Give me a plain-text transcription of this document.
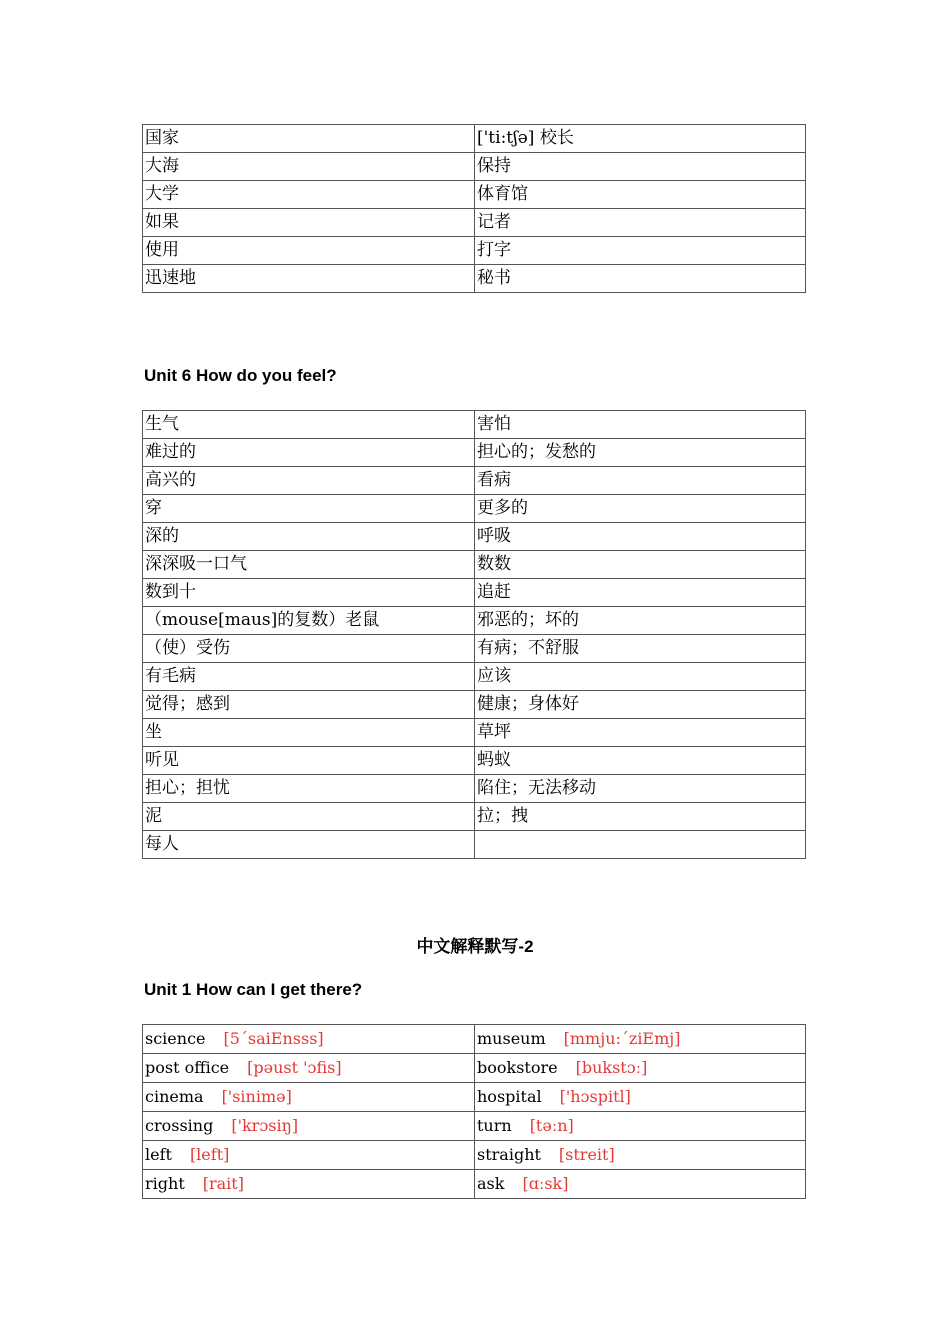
国家	['ti:tʃə] 校长
大海	保持
大学	体育馆
如果	记者
使用	打字
迅速地	秘书
Unit 6 How do you feel?
生气	害怕
难过的	担心的；发愁的
高兴的	看病
穿	更多的
深的	呼吸
深深吸一口气	数数
数到十	追赶
（mouse[maus]的复数）老鼠	邪恶的；坏的
（使）受伤	有病；不舒服
有毛病	应该
觉得；感到	健康；身体好
坐	草坪
听见	蚂蚁
担心；担忧	陷住；无法移动
泥	拉；拽
每人	
中文解释默写-2
Unit 1 How can I get there?
science [5´saiEnsss]	museum [mmju:´ziEmj]
post office [pəust 'ɔfis]	bookstore [bukstɔː]
cinema ['sinimə]	hospital ['hɔspitl]
crossing ['krɔsiŋ]	turn [təːn]
left [left]	straight [streit]
right [rait]	ask [ɑːsk]
